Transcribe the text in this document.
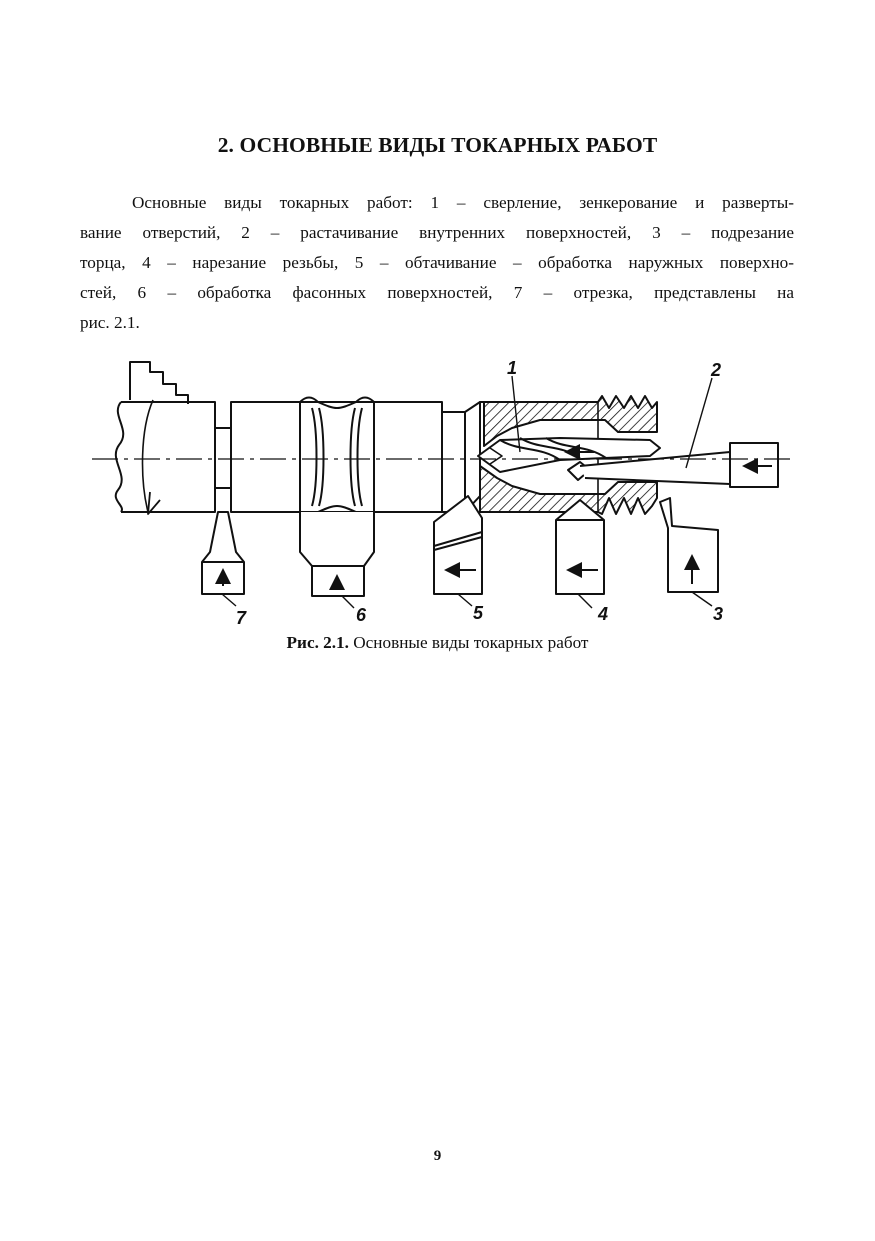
2. ОСНОВНЫЕ ВИДЫ ТОКАРНЫХ РАБОТ
Основные виды токарных работ: 1 – сверление, зенкерование и разверты-
вание отверстий, 2 – растачивание внутренних поверхностей, 3 – подрезание
торца, 4 – нарезание резьбы, 5 – обтачивание – обработка наружных поверхно-
стей, 6 – обработка фасонных поверхностей, 7 – отрезка, представлены на
рис. 2.1.
1	2
3
4
5
6
7
Рис. 2.1. Основные виды токарных работ
9
